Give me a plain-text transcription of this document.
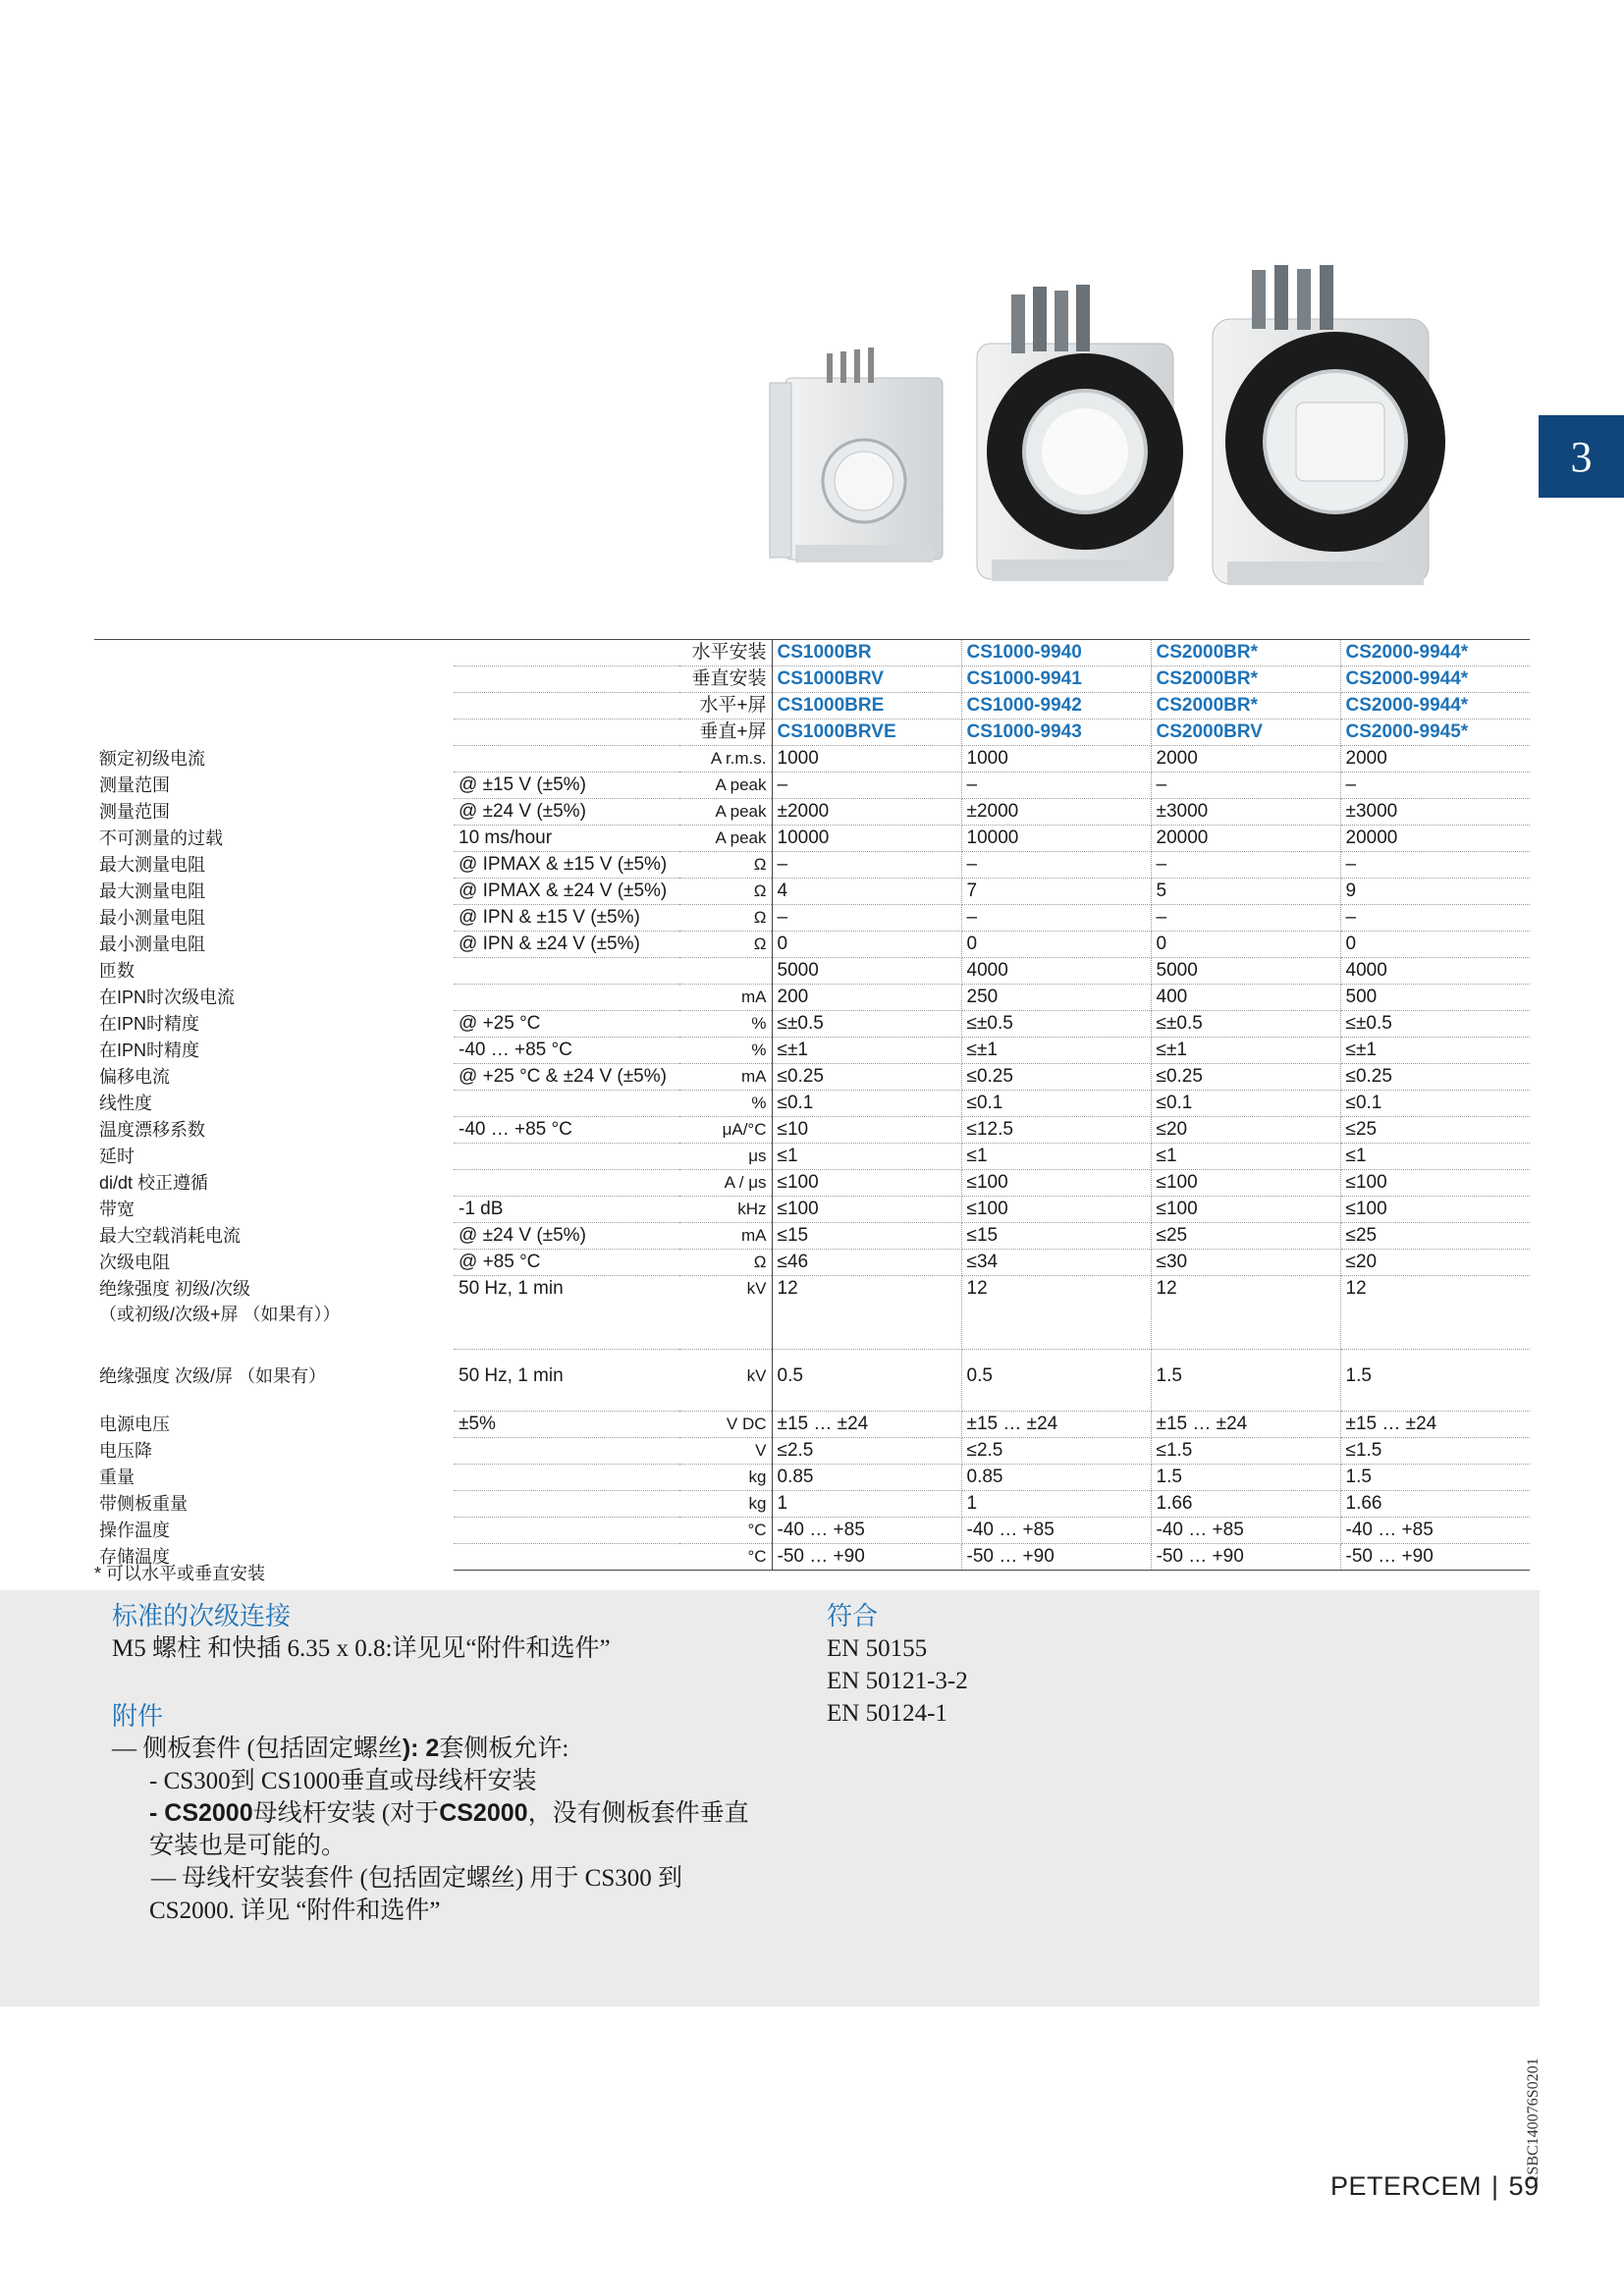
3
	水平安装		CS1000BR	CS1000-9940	CS2000BR*	CS2000-9944*
	垂直安装		CS1000BRV	CS1000-9941	CS2000BR*	CS2000-9944*
	水平+屏		CS1000BRE	CS1000-9942	CS2000BR*	CS2000-9944*
	垂直+屏		CS1000BRVE	CS1000-9943	CS2000BRV	CS2000-9945*
额定初级电流		A r.m.s.	1000	1000	2000	2000
测量范围	@ ±15 V (±5%)	A peak	–	–	–	–
测量范围	@ ±24 V (±5%)	A peak	±2000	±2000	±3000	±3000
不可测量的过载	10 ms/hour	A peak	10000	10000	20000	20000
最大测量电阻	@ IPMAX & ±15 V (±5%)	Ω	–	–	–	–
最大测量电阻	@ IPMAX & ±24 V (±5%)	Ω	4	7	5	9
最小测量电阻	@ IPN & ±15 V (±5%)	Ω	–	–	–	–
最小测量电阻	@ IPN & ±24 V (±5%)	Ω	0	0	0	0
匝数			5000	4000	5000	4000
在IPN时次级电流		mA	200	250	400	500
在IPN时精度	@ +25 °C	%	≤±0.5	≤±0.5	≤±0.5	≤±0.5
在IPN时精度	-40 … +85 °C	%	≤±1	≤±1	≤±1	≤±1
偏移电流	@ +25 °C & ±24 V (±5%)	mA	≤0.25	≤0.25	≤0.25	≤0.25
线性度		%	≤0.1	≤0.1	≤0.1	≤0.1
温度漂移系数	-40 … +85 °C	μA/°C	≤10	≤12.5	≤20	≤25
延时		μs	≤1	≤1	≤1	≤1
di/dt 校正遵循		A / μs	≤100	≤100	≤100	≤100
带宽	-1 dB	kHz	≤100	≤100	≤100	≤100
最大空载消耗电流	@ ±24 V (±5%)	mA	≤15	≤15	≤25	≤25
次级电阻	@ +85 °C	Ω	≤46	≤34	≤30	≤20

绝缘强度 初级/次级
（或初级/次级+屏 （如果有））	50 Hz, 1 min	kV	12	12	12	12
绝缘强度 次级/屏 （如果有）	50 Hz, 1 min	kV	0.5	0.5	1.5	1.5
电源电压	±5%	V DC	±15 … ±24	±15 … ±24	±15 … ±24	±15 … ±24
电压降		V	≤2.5	≤2.5	≤1.5	≤1.5
重量		kg	0.85	0.85	1.5	1.5
带侧板重量		kg	1	1	1.66	1.66
操作温度		°C	-40 … +85	-40 … +85	-40 … +85	-40 … +85
存储温度		°C	-50 … +90	-50 … +90	-50 … +90	-50 … +90
* 可以水平或垂直安装
标准的次级连接
M5 螺柱 和快插 6.35 x 0.8:详见见“附件和选件”
附件
— 侧板套件 (包括固定螺丝): 2套侧板允许:
- CS300到 CS1000垂直或母线杆安装
- CS2000母线杆安装 (对于CS2000，没有侧板套件垂直
安装也是可能的。
— 母线杆安装套件 (包括固定螺丝) 用于 CS300 到
CS2000. 详见 “附件和选件”
符合
EN 50155
EN 50121-3-2
EN 50124-1
1SBC140076S0201
PETERCEM | 59
